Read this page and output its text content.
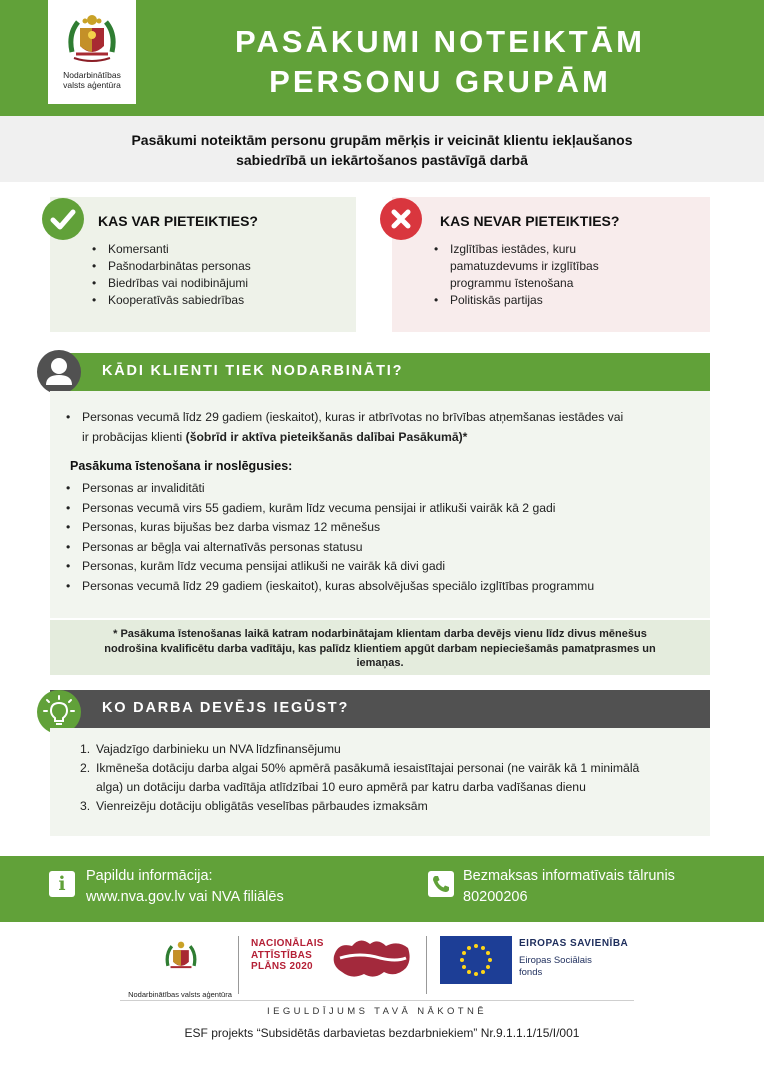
Nodarbinātības valsts aģentūra
PASĀKUMI NOTEIKTĀM
PERSONU GRUPĀM
Pasākumi noteiktām personu grupām mērķis ir veicināt klientu iekļaušanos
sabiedrībā un iekārtošanos pastāvīgā darbā
KAS VAR PIETEIKTIES?
• Komersanti
• Pašnodarbinātas personas
• Biedrības vai nodibinājumi
• Kooperatīvās sabiedrības
KAS NEVAR PIETEIKTIES?
• Izglītības iestādes, kuru
pamatuzdevums ir izglītības
programmu īstenošana
• Politiskās partijas
KĀDI KLIENTI TIEK NODARBINĀTI?
• Personas vecumā līdz 29 gadiem (ieskaitot), kuras ir atbrīvotas no brīvības atņemšanas iestādes vai
ir probācijas klienti (šobrīd ir aktīva pieteikšanās dalībai Pasākumā)*
Pasākuma īstenošana ir noslēgusies:
• Personas ar invaliditāti
• Personas vecumā virs 55 gadiem, kurām līdz vecuma pensijai ir atlikuši vairāk kā 2 gadi
• Personas, kuras bijušas bez darba vismaz 12 mēnešus
• Personas ar bēgļa vai alternatīvās personas statusu
• Personas, kurām līdz vecuma pensijai atlikuši ne vairāk kā divi gadi
• Personas vecumā līdz 29 gadiem (ieskaitot), kuras absolvējušas speciālo izglītības programmu
* Pasākuma īstenošanas laikā katram nodarbinātajam klientam darba devējs vienu līdz divus mēnešus
nodrošina kvalificētu darba vadītāju, kas palīdz klientiem apgūt darbam nepieciešamās pamatprasmes un
iemaņas.
KO DARBA DEVĒJS IEGŪST?
1. Vajadzīgo darbinieku un NVA līdzfinansējumu
2. Ikmēneša dotāciju darba algai 50% apmērā pasākumā iesaistītajai personai (ne vairāk kā 1 minimālā
alga) un dotāciju darba vadītāja atlīdzībai 10 euro apmērā par katru darba vadīšanas dienu
3. Vienreizēju dotāciju obligātās veselības pārbaudes izmaksām
i	Papildu informācija:
www.nva.gov.lv vai NVA filiālēs
Bezmaksas informatīvais tālrunis
80200206
Nodarbinātības valsts aģentūra
NACIONĀLAIS
ATTĪSTĪBAS
PLĀNS 2020
EIROPAS SAVIENĪBA
Eiropas Sociālais
fonds
IEGULDĪJUMS TAVĀ NĀKOTNĒ
ESF projekts “Subsidētās darbavietas bezdarbniekiem” Nr.9.1.1.1/15/I/001
